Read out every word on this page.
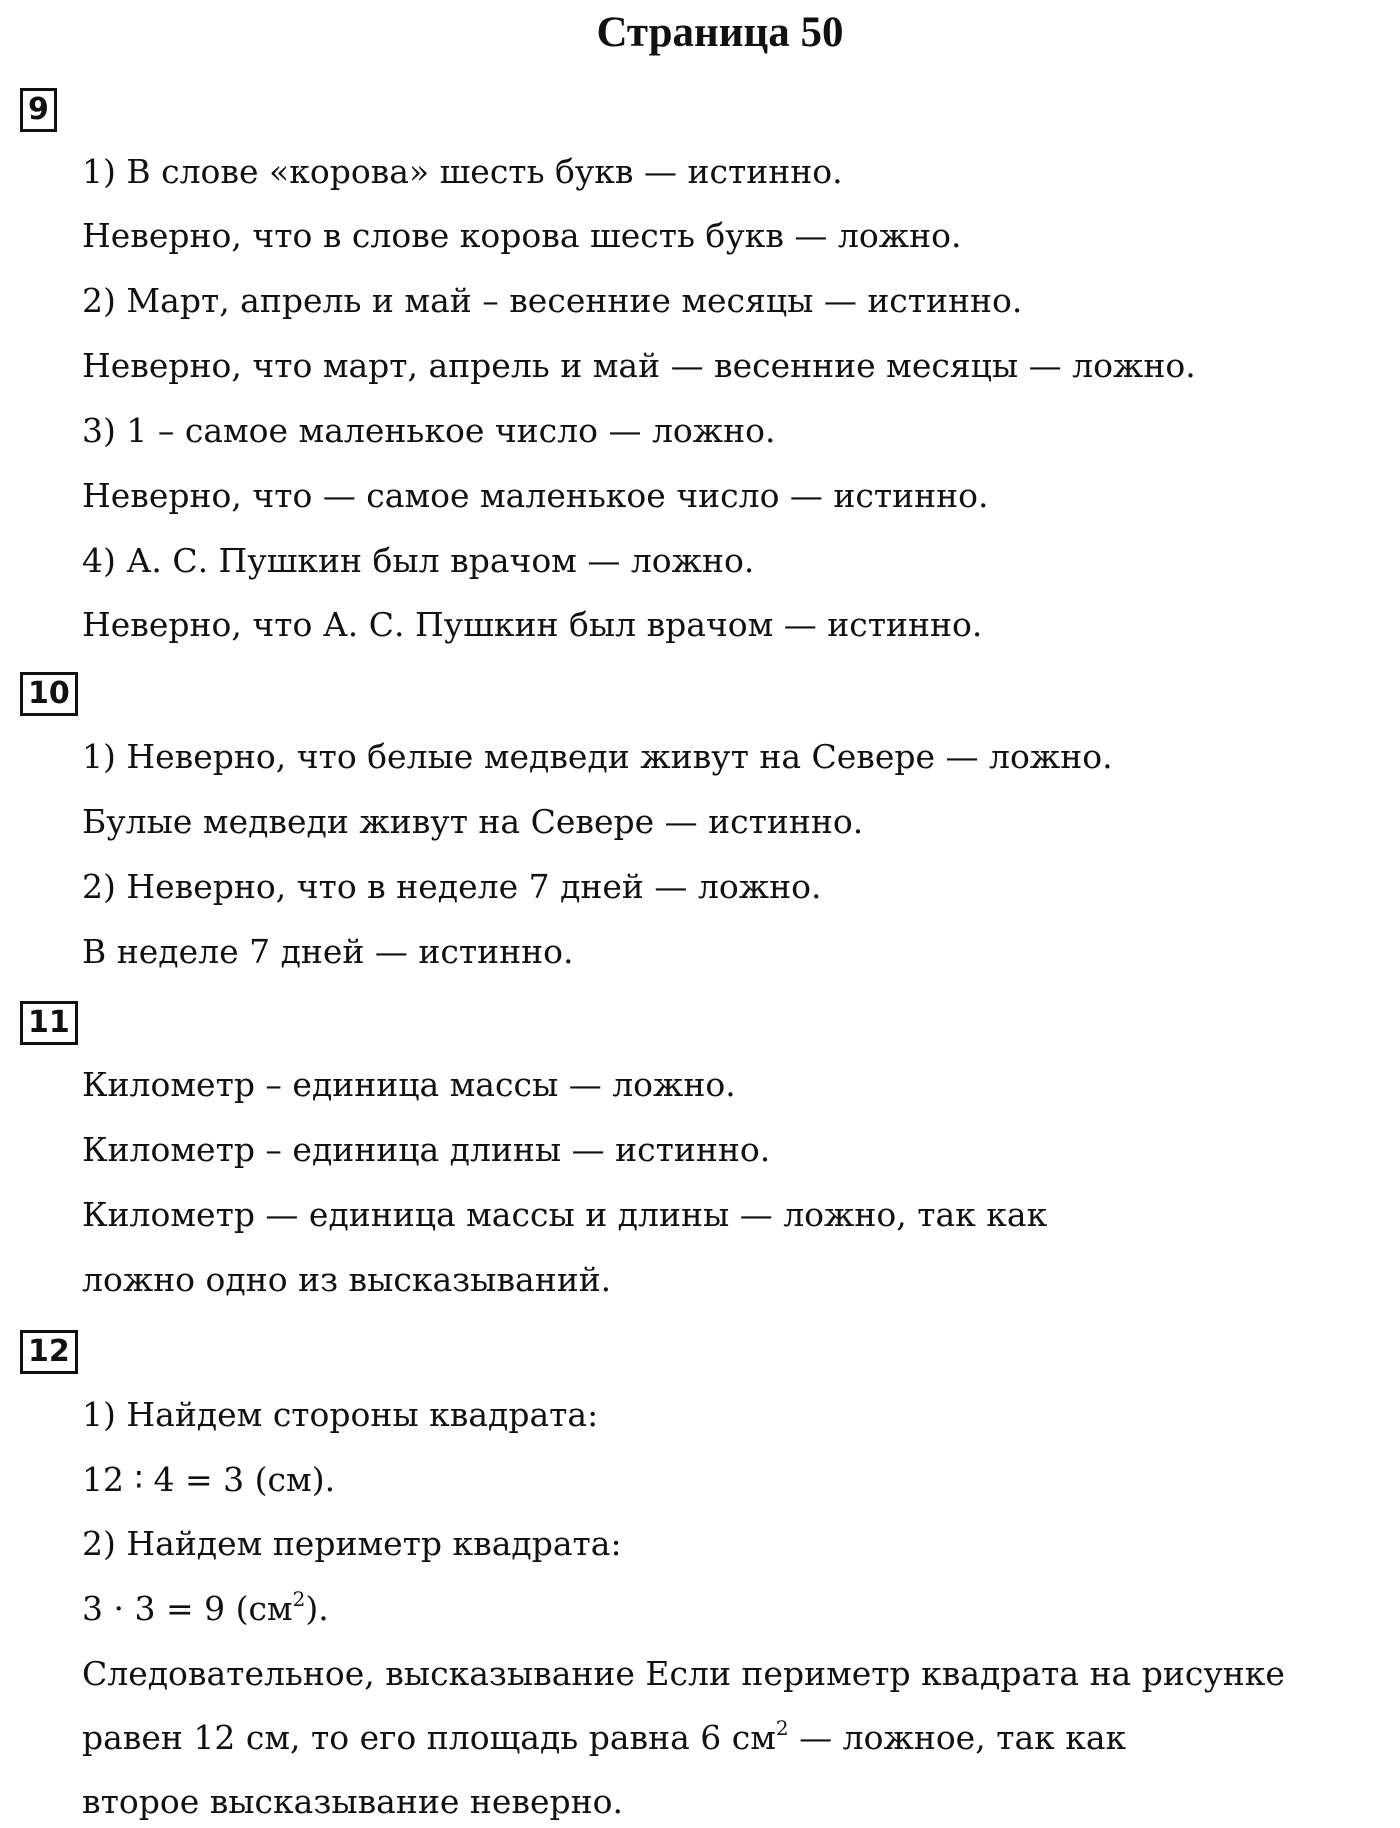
Страница 50
9
1) В слове «корова» шесть букв — истинно.
Неверно, что в слове корова шесть букв — ложно.
2) Март, апрель и май – весенние месяцы — истинно.
Неверно, что март, апрель и май — весенние месяцы — ложно.
3) 1 – самое маленькое число — ложно.
Неверно, что — самое маленькое число — истинно.
4) А. С. Пушкин был врачом — ложно.
Неверно, что А. С. Пушкин был врачом — истинно.
10
1) Неверно, что белые медведи живут на Севере — ложно.
Булые медведи живут на Севере — истинно.
2) Неверно, что в неделе 7 дней — ложно.
В неделе 7 дней — истинно.
11
Километр – единица массы — ложно.
Километр – единица длины — истинно.
Километр — единица массы и длины — ложно, так как
ложно одно из высказываний.
12
1) Найдем стороны квадрата:
12 ∶ 4 = 3 (см).
2) Найдем периметр квадрата:
3 · 3 = 9 $(см^2)$.
Следовательное, высказывание Если периметр квадрата на рисунке
равен 12 см, то его площадь равна 6 $см^2$ — ложное, так как
второе высказывание неверно.
